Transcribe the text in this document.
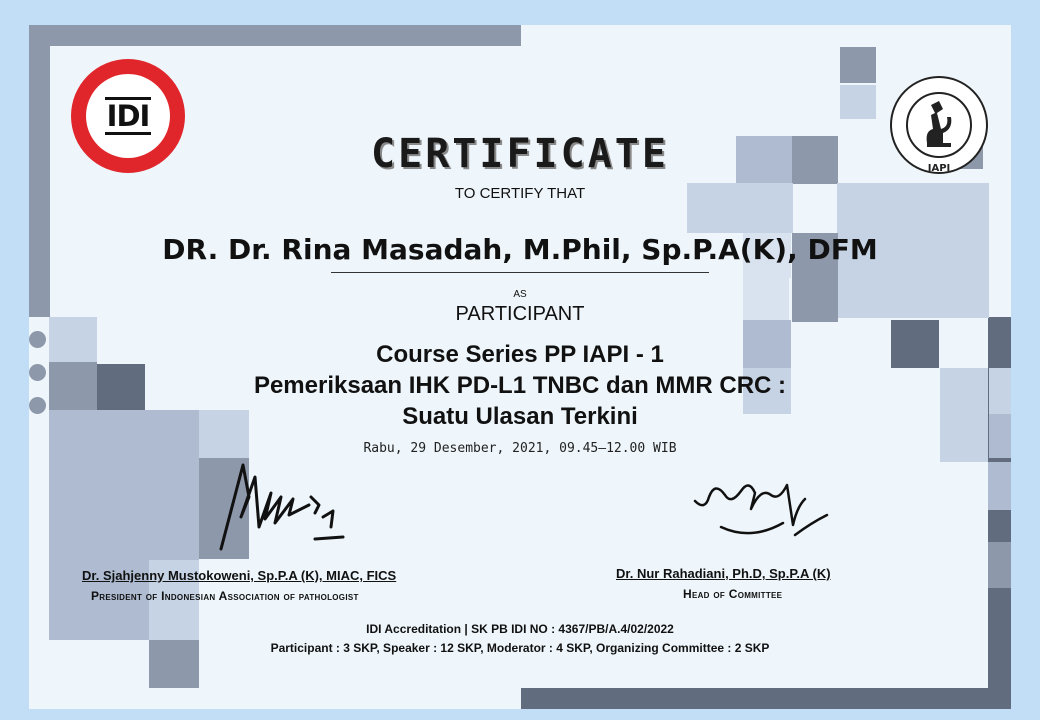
IDI
IAPI
CERTIFICATE
TO CERTIFY THAT
DR. Dr. Rina Masadah, M.Phil, Sp.P.A(K), DFM
AS
PARTICIPANT
Course Series PP IAPI - 1
Pemeriksaan IHK PD-L1 TNBC dan MMR CRC :
Suatu Ulasan Terkini
Rabu, 29 Desember, 2021, 09.45—12.00 WIB
Dr. Sjahjenny Mustokoweni, Sp.P.A (K), MIAC, FICS
President of Indonesian Association of pathologist
Dr. Nur Rahadiani, Ph.D, Sp.P.A (K)
Head of Committee
IDI Accreditation | SK PB IDI NO : 4367/PB/A.4/02/2022
Participant : 3 SKP, Speaker : 12 SKP, Moderator : 4 SKP, Organizing Committee : 2 SKP
